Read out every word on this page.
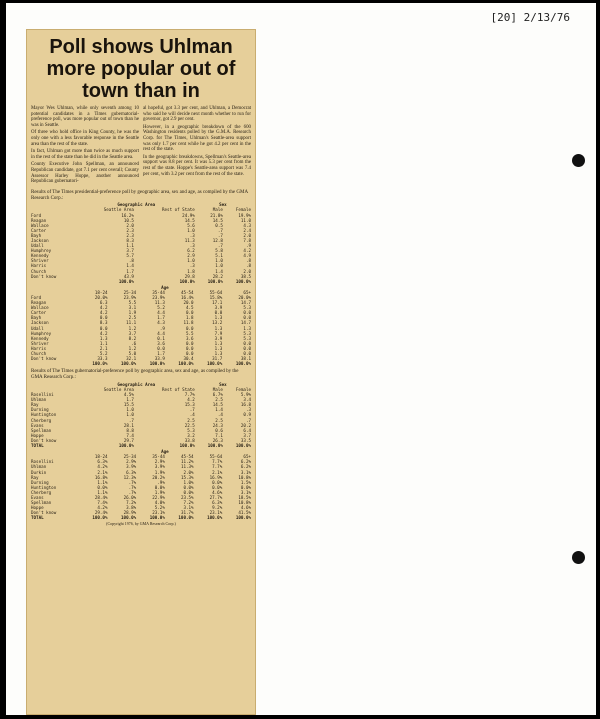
[20] 2/13/76
Poll shows Uhlman more popular out of town than in

Mayor Wes Uhlman, while only seventh among 10 potential candidates in a Times gubernatorial-preference poll, was more popular out of town than he was in Seattle.

Of three who hold office in King County, he was the only one with a less favorable response in the Seattle area than the rest of the state.

In fact, Uhlman got more than twice as much support in the rest of the state than he did in the Seattle area.

County Executive John Spellman, an announced Republican candidate, got 7.1 per cent overall; County Assessor Harley Hoppe, another announced Republican gubernatori-

al hopeful, got 3.3 per cent, and Uhlman, a Democrat who said he will decide next month whether to run for governor, got 2.9 per cent.

However, in a geographic breakdown of the 600 Washington residents polled by the G.M.A. Research Corp. for The Times, Uhlman's Seattle-area support was only 1.7 per cent while he got 4.2 per cent in the rest of the state.

In the geographic breakdowns, Spellman's Seattle-area support was 8.8 per cent. It was 5.3 per cent from the rest of the state. Hoppe's Seattle-area support was 7.4 per cent, with 3.2 per cent from the rest of the state.

Results of The Times presidential-preference poll by geographic area, sex and age, as compiled by the GMA Research Corp.:
	Geographic Area		Sex	
	Seattle Area	Rest of State	Male	Female
Ford	16.2%	24.9%	21.8%	19.9%
Reagan	10.5	14.5	14.5	11.0
Wallace	2.0	5.6	0.5	4.3
Carter	2.3	1.0	.7	2.4
Bayh	2.3	.3	.7	2.0
Jackson	8.3	11.3	12.8	7.8
Udall	1.1	.3	.7	.9
Humphrey	3.7	6.2	5.8	4.2
Kennedy	5.7	2.9	5.1	4.9
Shriver	.8	1.0	1.0	.8
Harris	1.4	.3	1.0	.8
Church	1.7	1.8	1.4	2.0
Don't know	43.9	29.8	28.2	38.5
	100.0%	100.0%	100.0%	100.0%
	Age					
	18-24	25-34	35-44	45-54	55-64	65+
Ford	20.0%	23.9%	23.9%	16.4%	15.8%	20.0%
Reagan	6.3	5.5	11.3	20.0	17.1	14.7
Wallace	4.2	3.1	5.2	4.5	3.9	5.3
Carter	4.2	1.9	4.4	0.0	0.0	0.0
Bayh	0.0	2.5	1.7	1.8	1.3	0.0
Jackson	8.3	11.1	4.3	11.8	13.2	14.7
Udall	0.0	1.2	.9	0.0	1.3	1.3
Humphrey	4.2	3.7	4.4	5.5	7.9	5.3
Kennedy	1.3	8.2	0.1	3.6	3.9	5.3
Shriver	1.1	.6	3.6	0.0	1.3	0.0
Harris	2.1	1.2	0.0	0.0	1.3	0.0
Church	5.2	5.0	1.7	0.0	1.3	0.0
Don't know	33.3	32.1	33.9	30.4	31.7	38.1
	100.0%	100.0%	100.0%	100.0%	100.0%	100.0%
Results of The Times gubernatorial-preference poll by geographic area, sex and age, as compiled by the GMA Research Corp.:
	Geographic Area		Sex	
	Seattle Area	Rest of State	Male	Female
Rosellini	4.5%	7.7%	6.7%	5.9%
Uhlman	1.7	4.2	2.5	3.4
Ray	15.5	15.3	14.5	16.8
Durning	1.0	.7	1.4	.3
Huntington	1.0	.4	.4	0.9
Cherberg	.7	2.5	2.5	.7
Evans	28.1	22.5	24.3	20.2
Spellman	8.8	5.3	0.6	6.4
Hoppe	7.4	3.2	7.1	3.7
Don't know	29.7	33.8	26.3	33.5
TOTAL	100.0%	100.0%	100.0%	100.0%
	Age					
	18-24	25-34	35-44	45-54	55-64	65+
Rosellini	6.3%	2.9%	2.9%	11.2%	7.7%	6.2%
Uhlman	4.2%	3.9%	3.9%	11.3%	7.7%	6.2%
Durkin	2.1%	6.3%	1.9%	2.0%	2.1%	3.1%
Ray	16.8%	12.3%	20.2%	15.3%	16.9%	10.8%
Durning	1.1%	.7%	.9%	1.0%	0.0%	1.5%
Huntington	0.0%	.7%	0.0%	0.0%	0.0%	0.0%
Cherberg	1.1%	.7%	1.9%	0.0%	4.6%	3.1%
Evans	28.4%	26.0%	22.9%	23.5%	27.7%	18.5%
Spellman	7.4%	7.2%	4.0%	7.2%	6.3%	10.8%
Hoppe	4.2%	3.8%	5.2%	3.1%	9.2%	4.6%
Don't know	29.4%	28.9%	23.1%	31.7%	23.1%	41.5%
TOTAL	100.0%	100.0%	100.0%	100.0%	100.0%	100.0%
(Copyright 1976, by GMA Research Corp.)
